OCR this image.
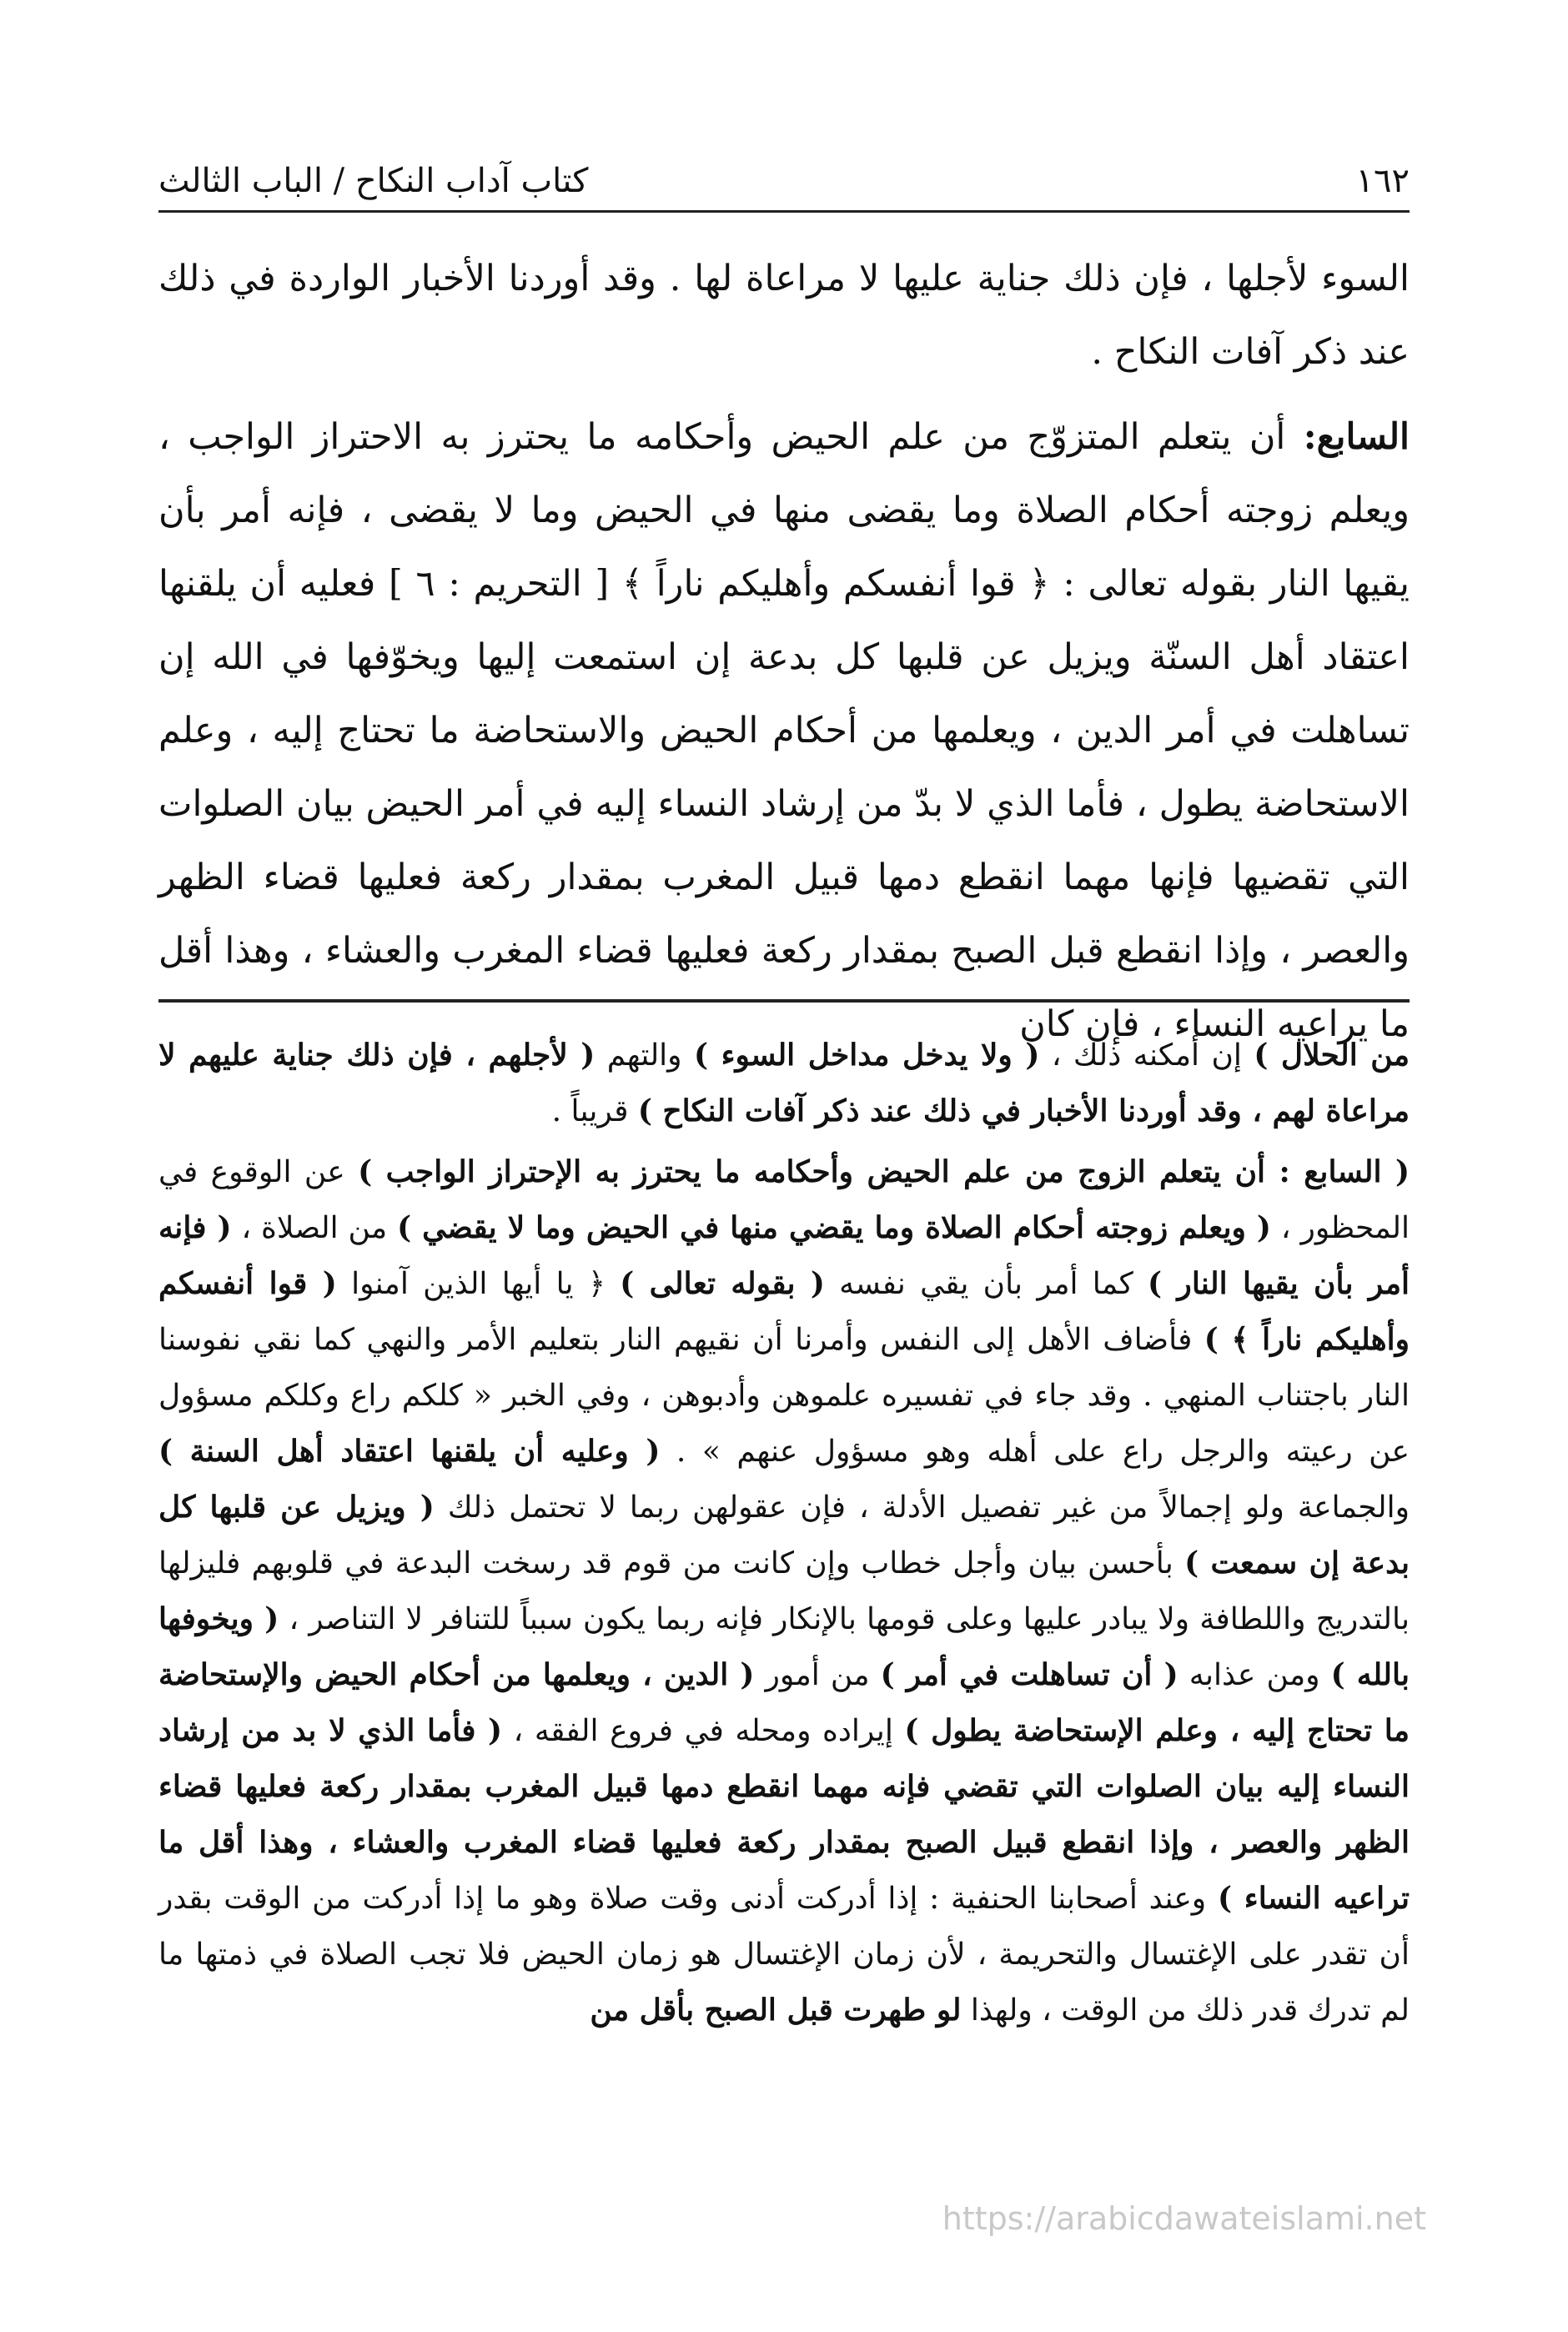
١٦٢
كتاب آداب النكاح / الباب الثالث

السوء لأجلها ، فإن ذلك جناية عليها لا مراعاة لها . وقد أوردنا الأخبار الواردة في ذلك عند ذكر آفات النكاح .

السابع: أن يتعلم المتزوّج من علم الحيض وأحكامه ما يحترز به الاحتراز الواجب ، ويعلم زوجته أحكام الصلاة وما يقضى منها في الحيض وما لا يقضى ، فإنه أمر بأن يقيها النار بقوله تعالى : ﴿ قوا أنفسكم وأهليكم ناراً ﴾ [ التحريم : ٦ ] فعليه أن يلقنها اعتقاد أهل السنّة ويزيل عن قلبها كل بدعة إن استمعت إليها ويخوّفها في الله إن تساهلت في أمر الدين ، ويعلمها من أحكام الحيض والاستحاضة ما تحتاج إليه ، وعلم الاستحاضة يطول ، فأما الذي لا بدّ من إرشاد النساء إليه في أمر الحيض بيان الصلوات التي تقضيها فإنها مهما انقطع دمها قبيل المغرب بمقدار ركعة فعليها قضاء الظهر والعصر ، وإذا انقطع قبل الصبح بمقدار ركعة فعليها قضاء المغرب والعشاء ، وهذا أقل ما يراعيه النساء ، فإن كان

من الحلال ) إن أمكنه ذلك ، ( ولا يدخل مداخل السوء ) والتهم ( لأجلهم ، فإن ذلك جناية عليهم لا مراعاة لهم ، وقد أوردنا الأخبار في ذلك عند ذكر آفات النكاح ) قريباً .

( السابع : أن يتعلم الزوج من علم الحيض وأحكامه ما يحترز به الإحتراز الواجب ) عن الوقوع في المحظور ، ( ويعلم زوجته أحكام الصلاة وما يقضي منها في الحيض وما لا يقضي ) من الصلاة ، ( فإنه أمر بأن يقيها النار ) كما أمر بأن يقي نفسه ( بقوله تعالى ) ﴿ يا أيها الذين آمنوا ( قوا أنفسكم وأهليكم ناراً ﴾ ) فأضاف الأهل إلى النفس وأمرنا أن نقيهم النار بتعليم الأمر والنهي كما نقي نفوسنا النار باجتناب المنهي . وقد جاء في تفسيره علموهن وأدبوهن ، وفي الخبر « كلكم راع وكلكم مسؤول عن رعيته والرجل راع على أهله وهو مسؤول عنهم » . ( وعليه أن يلقنها اعتقاد أهل السنة ) والجماعة ولو إجمالاً من غير تفصيل الأدلة ، فإن عقولهن ربما لا تحتمل ذلك ( ويزيل عن قلبها كل بدعة إن سمعت ) بأحسن بيان وأجل خطاب وإن كانت من قوم قد رسخت البدعة في قلوبهم فليزلها بالتدريج واللطافة ولا يبادر عليها وعلى قومها بالإنكار فإنه ربما يكون سبباً للتنافر لا التناصر ، ( ويخوفها بالله ) ومن عذابه ( أن تساهلت في أمر ) من أمور ( الدين ، ويعلمها من أحكام الحيض والإستحاضة ما تحتاج إليه ، وعلم الإستحاضة يطول ) إيراده ومحله في فروع الفقه ، ( فأما الذي لا بد من إرشاد النساء إليه بيان الصلوات التي تقضي فإنه مهما انقطع دمها قبيل المغرب بمقدار ركعة فعليها قضاء الظهر والعصر ، وإذا انقطع قبيل الصبح بمقدار ركعة فعليها قضاء المغرب والعشاء ، وهذا أقل ما تراعيه النساء ) وعند أصحابنا الحنفية : إذا أدركت أدنى وقت صلاة وهو ما إذا أدركت من الوقت بقدر أن تقدر على الإغتسال والتحريمة ، لأن زمان الإغتسال هو زمان الحيض فلا تجب الصلاة في ذمتها ما لم تدرك قدر ذلك من الوقت ، ولهذا لو طهرت قبل الصبح بأقل من

https://arabicdawateislami.net
